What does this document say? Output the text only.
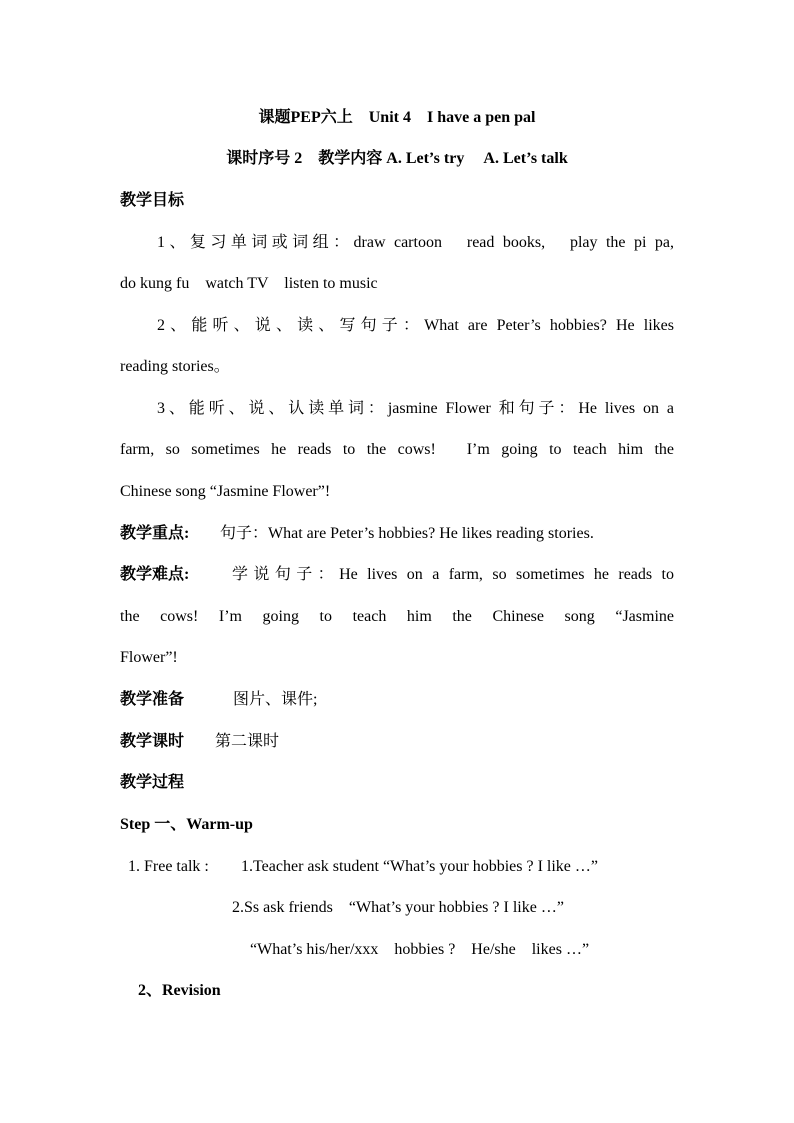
课题PEP六上　Unit 4　I have a pen pal
课时序号 2　教学内容 A. Let’s try　 A. Let’s talk
教学目标
1、复习单词或词组：draw cartoon　read books,　play the pi pa,
do kung fu　watch TV　listen to music
2、能听、说、读、写句子：What are Peter’s hobbies? He likes
reading stories。
3、能听、说、认读单词：jasmine Flower 和句子：He lives on a
farm, so sometimes he reads to the cows!　I’m going to teach him the
Chinese song “Jasmine Flower”!
教学重点: 句子：What are Peter’s hobbies? He likes reading stories.
教学难点:	学说句子：He lives on a farm, so sometimes he reads to
the cows! I’m going to teach him the Chinese song “Jasmine
Flower”!
教学准备	图片、课件;
教学课时 第二课时
教学过程
Step 一、Warm-up
1. Free talk : 1.Teacher ask student “What’s your hobbies ? I like …”
2.Ss ask friends　“What’s your hobbies ? I like …”
“What’s his/her/xxx　hobbies ?　He/she　likes …”
2、Revision
